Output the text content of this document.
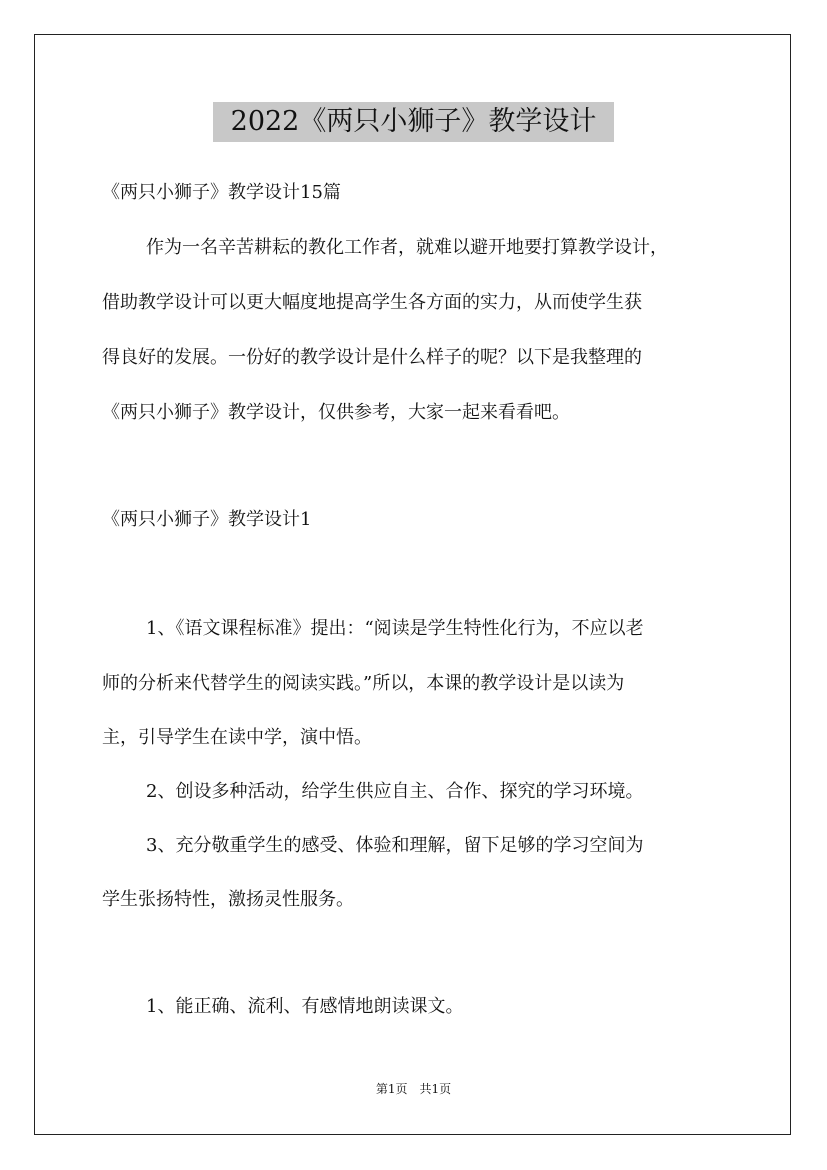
2022《两只小狮子》教学设计
《两只小狮子》教学设计15篇
作为一名辛苦耕耘的教化工作者，就难以避开地要打算教学设计，
借助教学设计可以更大幅度地提高学生各方面的实力，从而使学生获
得良好的发展。一份好的教学设计是什么样子的呢？以下是我整理的
《两只小狮子》教学设计，仅供参考，大家一起来看看吧。
《两只小狮子》教学设计1
1、《语文课程标准》提出：“阅读是学生特性化行为，不应以老
师的分析来代替学生的阅读实践。”所以，本课的教学设计是以读为
主，引导学生在读中学，演中悟。
2、创设多种活动，给学生供应自主、合作、探究的学习环境。
3、充分敬重学生的感受、体验和理解，留下足够的学习空间为
学生张扬特性，激扬灵性服务。
1、能正确、流利、有感情地朗读课文。
第1页　共1页
